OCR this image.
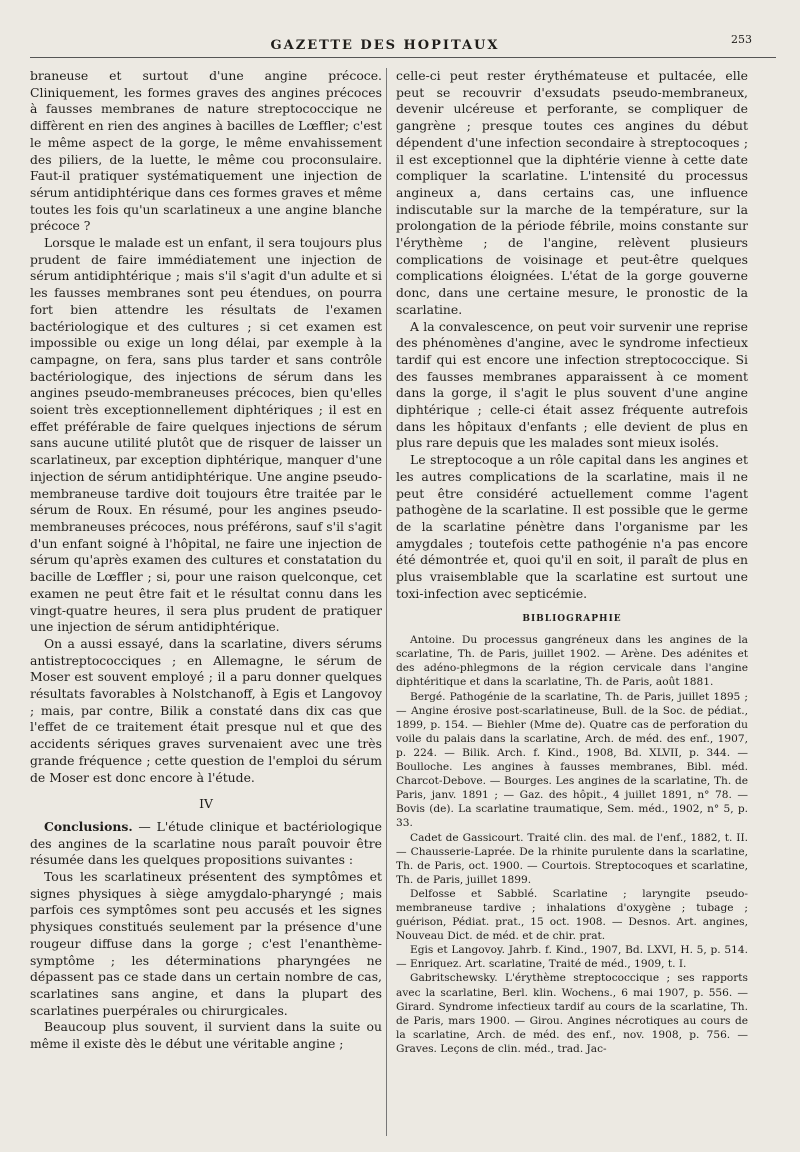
GAZETTE DES HOPITAUX	253

braneuse et surtout d'une angine précoce. Cliniquement, les formes graves des angines précoces à fausses membranes de nature streptococcique ne diffèrent en rien des angines à bacilles de Lœffler; c'est le même aspect de la gorge, le même envahissement des piliers, de la luette, le même cou proconsulaire. Faut-il pratiquer systématiquement une injection de sérum antidiphtérique dans ces formes graves et même toutes les fois qu'un scarlatineux a une angine blanche précoce ?

Lorsque le malade est un enfant, il sera toujours plus prudent de faire immédiatement une injection de sérum antidiphtérique ; mais s'il s'agit d'un adulte et si les fausses membranes sont peu étendues, on pourra fort bien attendre les résultats de l'examen bactériologique et des cultures ; si cet examen est impossible ou exige un long délai, par exemple à la campagne, on fera, sans plus tarder et sans contrôle bactériologique, des injections de sérum dans les angines pseudo-membraneuses précoces, bien qu'elles soient très exceptionnellement diphtériques ; il est en effet préférable de faire quelques injections de sérum sans aucune utilité plutôt que de risquer de laisser un scarlatineux, par exception diphtérique, manquer d'une injection de sérum antidiphtérique. Une angine pseudo-membraneuse tardive doit toujours être traitée par le sérum de Roux. En résumé, pour les angines pseudo-membraneuses précoces, nous préférons, sauf s'il s'agit d'un enfant soigné à l'hôpital, ne faire une injection de sérum qu'après examen des cultures et constatation du bacille de Lœffler ; si, pour une raison quelconque, cet examen ne peut être fait et le résultat connu dans les vingt-quatre heures, il sera plus prudent de pratiquer une injection de sérum antidiphtérique.

On a aussi essayé, dans la scarlatine, divers sérums antistreptococciques ; en Allemagne, le sérum de Moser est souvent employé ; il a paru donner quelques résultats favorables à Nolstchanoff, à Egis et Langovoy ; mais, par contre, Bilik a constaté dans dix cas que l'effet de ce traitement était presque nul et que des accidents sériques graves survenaient avec une très grande fréquence ; cette question de l'emploi du sérum de Moser est donc encore à l'étude.

IV

Conclusions. — L'étude clinique et bactériologique des angines de la scarlatine nous paraît pouvoir être résumée dans les quelques propositions suivantes :

Tous les scarlatineux présentent des symptômes et signes physiques à siège amygdalo-pharyngé ; mais parfois ces symptômes sont peu accusés et les signes physiques constitués seulement par la présence d'une rougeur diffuse dans la gorge ; c'est l'enanthème-symptôme ; les déterminations pharyngées ne dépassent pas ce stade dans un certain nombre de cas, scarlatines sans angine, et dans la plupart des scarlatines puerpérales ou chirurgicales.

Beaucoup plus souvent, il survient dans la suite ou même il existe dès le début une véritable angine ;

celle-ci peut rester érythémateuse et pultacée, elle peut se recouvrir d'exsudats pseudo-membraneux, devenir ulcéreuse et perforante, se compliquer de gangrène ; presque toutes ces angines du début dépendent d'une infection secondaire à streptocoques ; il est exceptionnel que la diphtérie vienne à cette date compliquer la scarlatine. L'intensité du processus angineux a, dans certains cas, une influence indiscutable sur la marche de la température, sur la prolongation de la période fébrile, moins constante sur l'érythème ; de l'angine, relèvent plusieurs complications de voisinage et peut-être quelques complications éloignées. L'état de la gorge gouverne donc, dans une certaine mesure, le pronostic de la scarlatine.

A la convalescence, on peut voir survenir une reprise des phénomènes d'angine, avec le syndrome infectieux tardif qui est encore une infection streptococcique. Si des fausses membranes apparaissent à ce moment dans la gorge, il s'agit le plus souvent d'une angine diphtérique ; celle-ci était assez fréquente autrefois dans les hôpitaux d'enfants ; elle devient de plus en plus rare depuis que les malades sont mieux isolés.

Le streptocoque a un rôle capital dans les angines et les autres complications de la scarlatine, mais il ne peut être considéré actuellement comme l'agent pathogène de la scarlatine. Il est possible que le germe de la scarlatine pénètre dans l'organisme par les amygdales ; toutefois cette pathogénie n'a pas encore été démontrée et, quoi qu'il en soit, il paraît de plus en plus vraisemblable que la scarlatine est surtout une toxi-infection avec septicémie.

BIBLIOGRAPHIE

Antoine. Du processus gangréneux dans les angines de la scarlatine, Th. de Paris, juillet 1902. — Arène. Des adénites et des adéno-phlegmons de la région cervicale dans l'angine diphtéritique et dans la scarlatine, Th. de Paris, août 1881.

Bergé. Pathogénie de la scarlatine, Th. de Paris, juillet 1895 ; — Angine érosive post-scarlatineuse, Bull. de la Soc. de pédiat., 1899, p. 154. — Biehler (Mme de). Quatre cas de perforation du voile du palais dans la scarlatine, Arch. de méd. des enf., 1907, p. 224. — Bilik. Arch. f. Kind., 1908, Bd. XLVII, p. 344. — Boulloche. Les angines à fausses membranes, Bibl. méd. Charcot-Debove. — Bourges. Les angines de la scarlatine, Th. de Paris, janv. 1891 ; — Gaz. des hôpit., 4 juillet 1891, n° 78. — Bovis (de). La scarlatine traumatique, Sem. méd., 1902, n° 5, p. 33.

Cadet de Gassicourt. Traité clin. des mal. de l'enf., 1882, t. II. — Chausserie-Laprée. De la rhinite purulente dans la scarlatine, Th. de Paris, oct. 1900. — Courtois. Streptocoques et scarlatine, Th. de Paris, juillet 1899.

Delfosse et Sabblé. Scarlatine ; laryngite pseudo-membraneuse tardive ; inhalations d'oxygène ; tubage ; guérison, Pédiat. prat., 15 oct. 1908. — Desnos. Art. angines, Nouveau Dict. de méd. et de chir. prat.

Egis et Langovoy. Jahrb. f. Kind., 1907, Bd. LXVI, H. 5, p. 514. — Enriquez. Art. scarlatine, Traité de méd., 1909, t. I.

Gabritschewsky. L'érythème streptococcique ; ses rapports avec la scarlatine, Berl. klin. Wochens., 6 mai 1907, p. 556. — Girard. Syndrome infectieux tardif au cours de la scarlatine, Th. de Paris, mars 1900. — Girou. Angines nécrotiques au cours de la scarlatine, Arch. de méd. des enf., nov. 1908, p. 756. — Graves. Leçons de clin. méd., trad. Jac-
